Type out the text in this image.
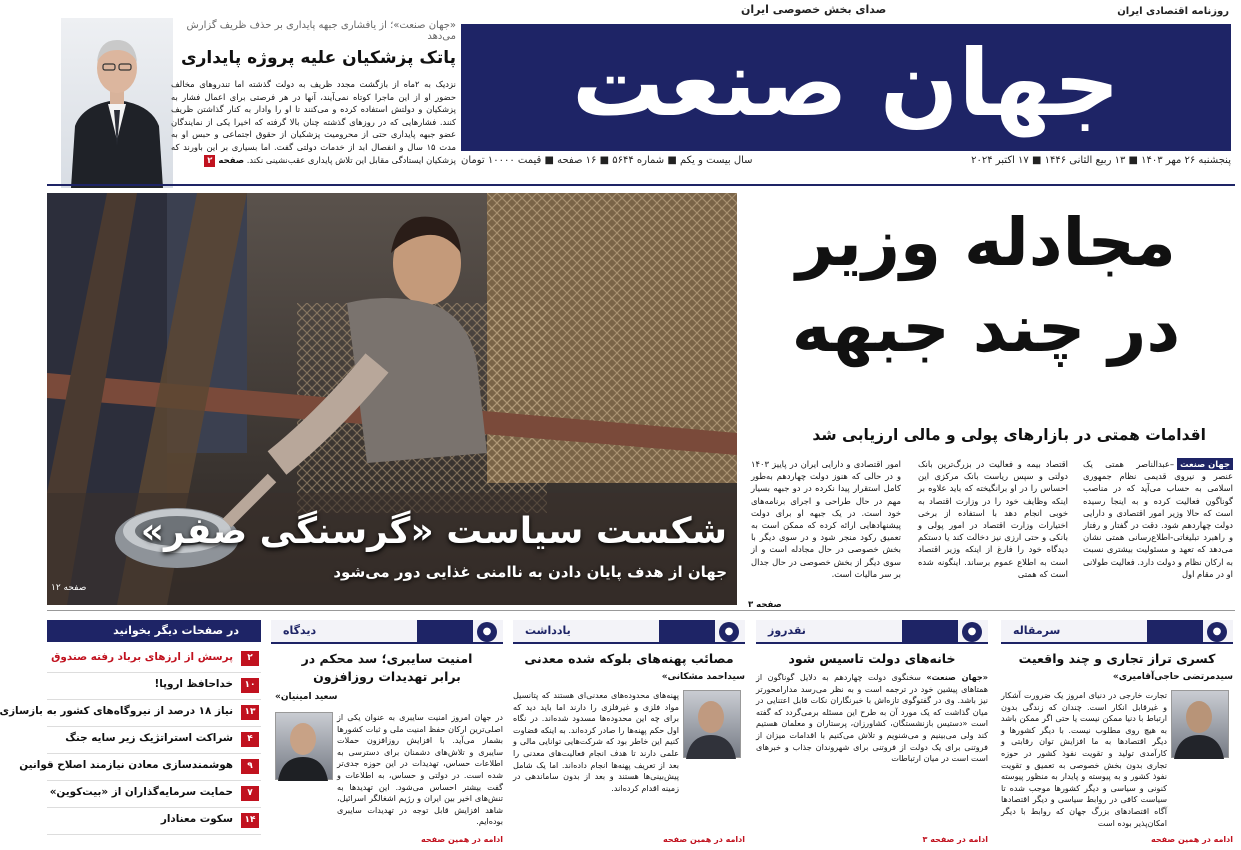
صدای بخش خصوصی ایران	روزنامه اقتصادی ایران
جهان صنعت
پنجشنبه ۲۶ مهر ۱۴۰۳ ■ ۱۳ ربیع الثانی ۱۴۴۶ ■ ۱۷ اکتبر ۲۰۲۴
سال بیست و یکم ■ شماره ۵۶۴۴ ■ ۱۶ صفحه ■ قیمت ۱۰۰۰۰ تومان
«جهان صنعت»؛ از یافشاری جبهه پایداری بر حذف ظریف گزارش می‌دهد
پاتک پزشکیان علیه پروژه پایداری
نزدیک به ۲ماه از بازگشت مجدد ظریف به دولت گذشته اما تندروهای مخالف حضور او از این ماجرا کوتاه نمی‌آیند، آنها در هر فرصتی برای اعمال فشار به پزشکیان و دولتش استفاده کرده و می‌کنند تا او را وادار به کنار گذاشتن ظریف کنند. فشارهایی که در روزهای گذشته چنان بالا گرفته که اخیرا یکی از نمایندگان عضو جبهه پایداری حتی از محرومیت پزشکیان از حقوق اجتماعی و حبس او به مدت ۱۵ سال و انفصال ابد از خدمات دولتی گفت. اما بسیاری بر این باورند که پزشکیان ایستادگی مقابل این تلاش پایداری عقب‌نشینی نکند. صفحه ۲
شکست سیاست «گرسنگی صفر»
جهان از هدف پایان دادن به ناامنی غذایی دور می‌شود
صفحه ۱۲
مجادله وزیر
در چند جبهه
اقدامات همتی در بازارهای پولی و مالی ارزیابی شد
جهان صنعت–عبدالناصر همتی یک عنصر و نیروی قدیمی نظام جمهوری اسلامی به حساب می‌آید که در مناصب گوناگون فعالیت کرده و به اینجا رسیده است که حالا وزیر امور اقتصادی و دارایی دولت چهاردهم شود. دقت در گفتار و رفتار و راهبرد تبلیغاتی-اطلاع‌رسانی همتی نشان می‌دهد که تعهد و مسئولیت بیشتری نسبت به ارکان نظام و دولت دارد. فعالیت طولانی او در مقام اول
اقتصاد بیمه و فعالیت در بزرگ‌ترین بانک دولتی و سپس ریاست بانک مرکزی این احساس را در او برانگیخته که باید علاوه بر اینکه وظایف خود را در وزارت اقتصاد به خوبی انجام دهد با استفاده از برخی اختیارات وزارت اقتصاد در امور پولی و بانکی و حتی ارزی نیز دخالت کند یا دستکم دیدگاه خود را فارغ از اینکه وزیر اقتصاد است به اطلاع عموم برساند. اینگونه شده است که همتی
امور اقتصادی و دارایی ایران در پاییز ۱۴۰۳ و در حالی که هنوز دولت چهاردهم به‌طور کامل استقرار پیدا نکرده در دو جبهه بسیار مهم در حال طراحی و اجرای برنامه‌های خود است. در یک جبهه او برای دولت پیشنهادهایی ارائه کرده که ممکن است به تعمیق رکود منجر شود و در سوی دیگر با بخش خصوصی در حال مجادله است و از سوی دیگر از بخش خصوصی در حال جدال بر سر مالیات است.
صفحه ۳
●
سرمقاله
کسری تراز تجاری و چند واقعیت
سیدمرتضی حاجی‌آقامیری»
تجارت خارجی در دنیای امروز یک ضرورت آشکار و غیرقابل انکار است. چندان که زندگی بدون ارتباط با دنیا ممکن نیست یا حتی اگر ممکن باشد به هیچ روی مطلوب نیست. با دیگر کشورها و دیگر اقتصادها به ما افزایش توان رقابتی و کارآمدی تولید و تقویت نفوذ کشور در حوزه تجاری بدون بخش خصوصی به تعمیق و تقویت نفوذ کشور و به پیوسته و پایدار به منظور پیوسته کنونی و سیاسی و دیگر کشورها موجب شده تا سیاست کافی در روابط سیاسی و دیگر اقتصادها آگاه اقتصادهای بزرگ جهان که روابط با دیگر امکان‌پذیر بوده است
ادامه در همین صفحه
●
نقدروز
خانه‌های دولت تاسیس شود
«جهان صنعت» سخنگوی دولت چهاردهم به دلایل گوناگون از همتاهای پیشین خود در ترجمه است و به نظر می‌رسد مدارامحورتر نیز باشد. وی در گفتوگوی تازه‌اش با خبرنگاران نکات قابل اعتنایی در میان گذاشت که یک مورد آن به طرح این مسئله برمی‌گردد که گفته است «دستیس بازنشستگان، کشاورزان، پرستاران و معلمان هستیم کند ولی می‌بینیم و می‌شنویم و تلاش می‌کنیم با اقدامات میزان از فروتنی برای یک دولت از فروتنی برای شهروندان جذاب و خبرهای است است در میان ارتباطات
ادامه در صفحه ۳
●
یادداشت
مصائب پهنه‌های بلوکه شده معدنی
سیداحمد مشکانی»
پهنه‌های محدوده‌های معدنی‌ای هستند که پتانسیل مواد فلزی و غیرفلزی را دارند اما باید دید که برای چه این محدوده‌ها مسدود شده‌اند. در نگاه اول حکم پهنه‌ها را صادر کرده‌اند. به اینکه قضاوت کنیم این خاطر بود که شرکت‌هایی توانایی مالی و علمی دارند تا هدف انجام فعالیت‌های معدنی را بعد از تعریف پهنه‌ها انجام داده‌اند. اما یک شامل پیش‌بینی‌ها هستند و بعد از بدون ساماندهی در زمینه اقدام کرده‌اند.
ادامه در همین صفحه
●
دیدگاه
امنیت سایبری؛ سد محکم در برابر تهدیدات روزافزون
سعید امینیان»
در جهان امروز امنیت سایبری به عنوان یکی از اصلی‌ترین ارکان حفظ امنیت ملی و ثبات کشورها بشمار می‌آید. با افزایش روزافزون حملات سایبری و تلاش‌های دشمنان برای دسترسی به اطلاعات حساس، تهدیدات در این حوزه جدی‌تر شده است. در دولتی و حساس، به اطلاعات و گفت بیشتر احساس می‌شود. این تهدیدها به تنش‌های اخیر بین ایران و رژیم اشغالگر اسرائیل، شاهد افزایش قابل توجه در تهدیدات سایبری بوده‌ایم.
ادامه در همین صفحه
در صفحات دیگر بخوانید
۲
پرسش از ارزهای برباد رفته صندوق
۱۰
خداحافظ اروپا!
۱۳
نیاز ۱۸ درصد از نیروگاه‌های کشور به بازسازی
۴
شراکت استراتژیک زیر سایه جنگ
۹
هوشمندسازی معادن نیازمند اصلاح قوانین
۷
حمایت سرمایه‌گذاران از «بیت‌کوین»
۱۴
سکوت معنادار
